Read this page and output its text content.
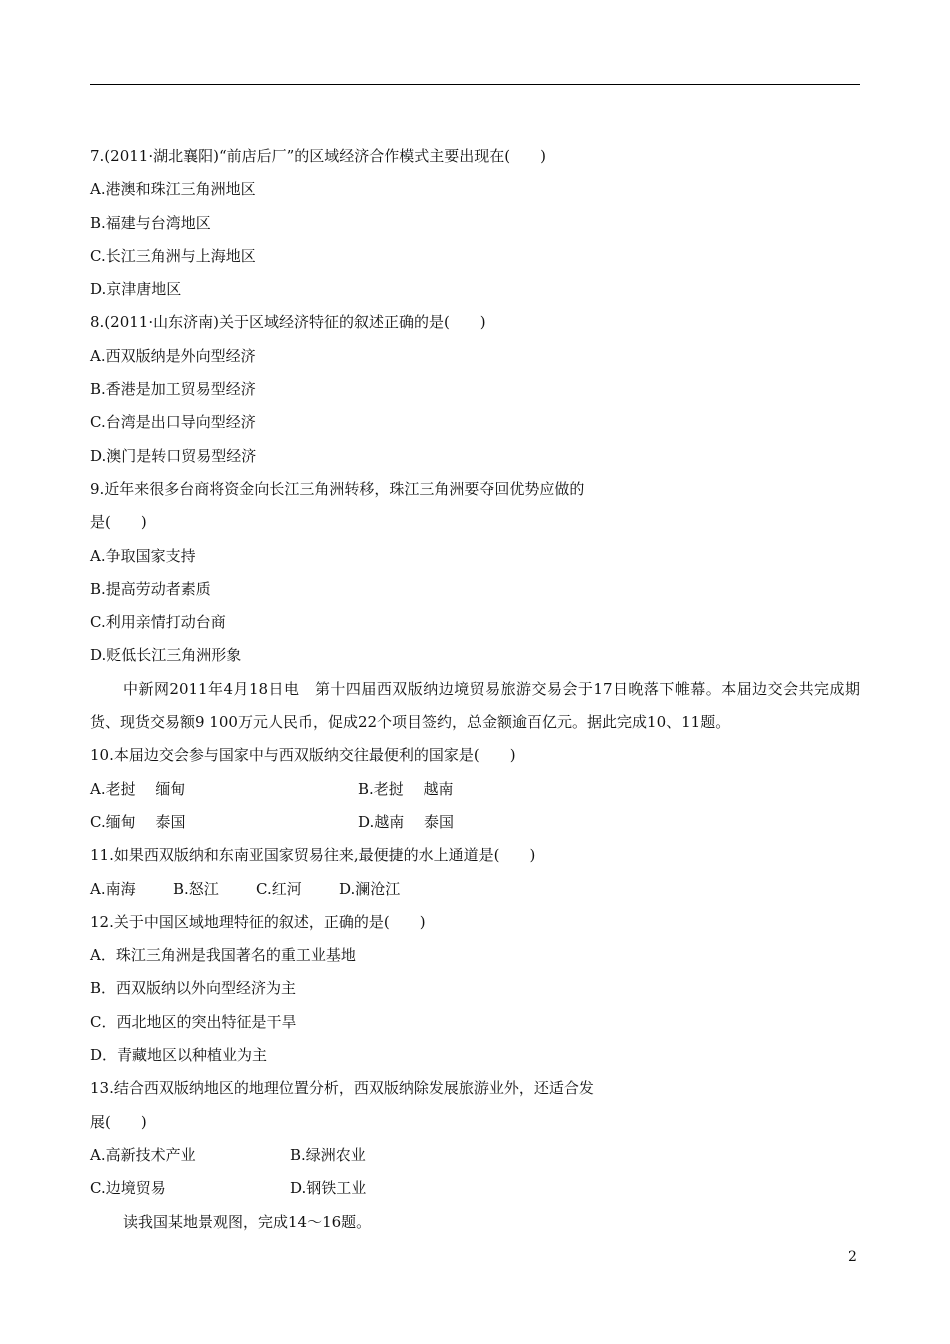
7.(2011·湖北襄阳)“前店后厂”的区域经济合作模式主要出现在(　　)
A.港澳和珠江三角洲地区
B.福建与台湾地区
C.长江三角洲与上海地区
D.京津唐地区
8.(2011·山东济南)关于区域经济特征的叙述正确的是(　　)
A.西双版纳是外向型经济
B.香港是加工贸易型经济
C.台湾是出口导向型经济
D.澳门是转口贸易型经济
9.近年来很多台商将资金向长江三角洲转移，珠江三角洲要夺回优势应做的
是(　　)
A.争取国家支持
B.提高劳动者素质
C.利用亲情打动台商
D.贬低长江三角洲形象
中新网2011年4月18日电　第十四届西双版纳边境贸易旅游交易会于17日晚落下帷幕。本届边交会共完成期货、现货交易额9 100万元人民币，促成22个项目签约，总金额逾百亿元。据此完成10、11题。
10.本届边交会参与国家中与西双版纳交往最便利的国家是(　　)
A.老挝　 缅甸	B.老挝　 越南
C.缅甸　 泰国	D.越南　 泰国
11.如果西双版纳和东南亚国家贸易往来,最便捷的水上通道是(　　)
A.南海 B.怒江 C.红河 D.澜沧江
12.关于中国区域地理特征的叙述，正确的是(　　)
A．珠江三角洲是我国著名的重工业基地
B．西双版纳以外向型经济为主
C．西北地区的突出特征是干旱
D．青藏地区以种植业为主
13.结合西双版纳地区的地理位置分析，西双版纳除发展旅游业外，还适合发
展(　　)
A.高新技术产业	B.绿洲农业
C.边境贸易	D.钢铁工业
读我国某地景观图，完成14～16题。
2
